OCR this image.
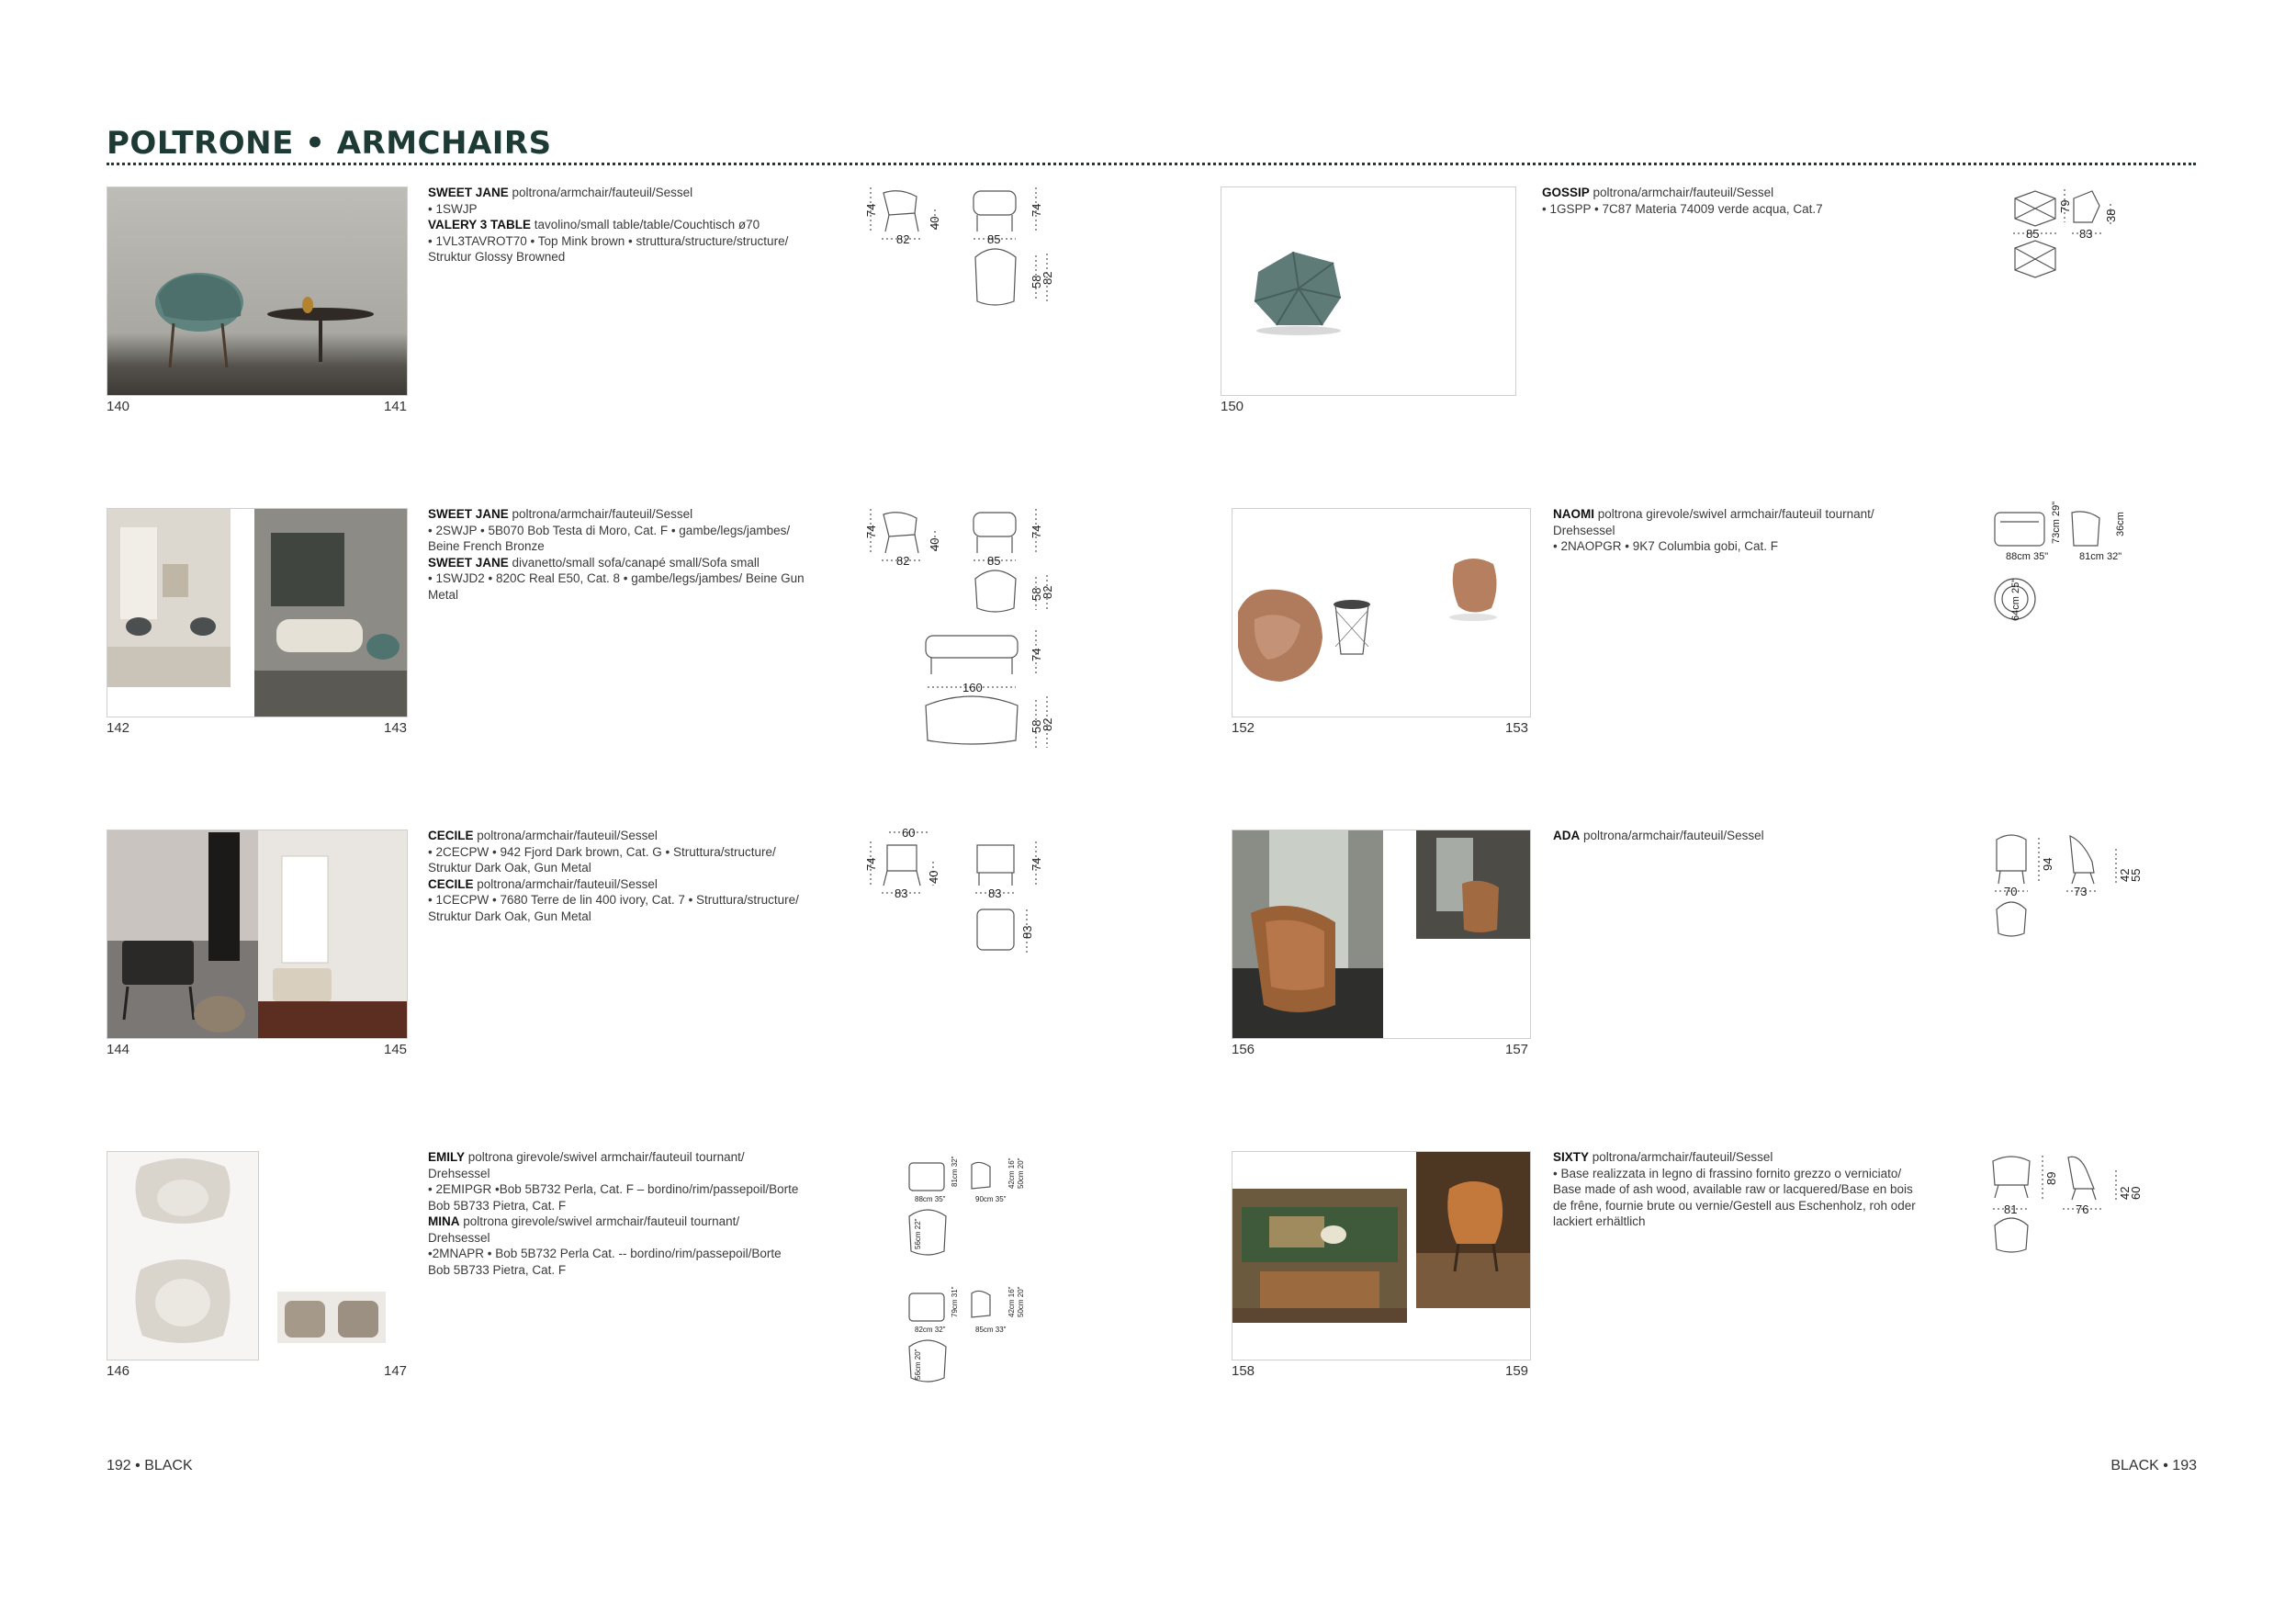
POLTRONE • ARMCHAIRS
140	141
SWEET JANE poltrona/armchair/fauteuil/Sessel
• 1SWJP
VALERY 3 TABLE tavolino/small table/table/Couchtisch ø70
• 1VL3TAVROT70 • Top Mink brown • struttura/structure/structure/
Struktur Glossy Browned
74
82
40
85
74
58
82
142	143
SWEET JANE poltrona/armchair/fauteuil/Sessel
• 2SWJP • 5B070 Bob Testa di Moro, Cat. F • gambe/legs/jambes/
Beine French Bronze
SWEET JANE divanetto/small sofa/canapé small/Sofa small
• 1SWJD2 • 820C Real E50, Cat. 8 • gambe/legs/jambes/ Beine Gun
Metal
74
82
40
85
74
58
82
74
160
58
82
144	145
CECILE poltrona/armchair/fauteuil/Sessel
• 2CECPW • 942 Fjord Dark brown, Cat. G • Struttura/structure/
Struktur Dark Oak, Gun Metal
CECILE poltrona/armchair/fauteuil/Sessel
• 1CECPW • 7680 Terre de lin 400 ivory, Cat. 7 • Struttura/structure/
Struktur Dark Oak, Gun Metal
60
74
83
40
83
74
83
146	147
EMILY poltrona girevole/swivel armchair/fauteuil tournant/
Drehsessel
• 2EMIPGR •Bob 5B732 Perla, Cat. F – bordino/rim/passepoil/Borte
Bob 5B733 Pietra, Cat. F
MINA poltrona girevole/swivel armchair/fauteuil tournant/
Drehsessel
•2MNAPR • Bob 5B732 Perla Cat. -- bordino/rim/passepoil/Borte
Bob 5B733 Pietra, Cat. F
88cm 35"
81cm 32"
90cm 35"
42cm 16" 50cm 20"
56cm 22"
82cm 32"
79cm 31"
85cm 33"
42cm 16" 50cm 20"
56cm 20"
150
GOSSIP poltrona/armchair/fauteuil/Sessel
• 1GSPP • 7C87 Materia 74009 verde acqua, Cat.7
85
79
83
38
152	153
NAOMI poltrona girevole/swivel armchair/fauteuil tournant/
Drehsessel
• 2NAOPGR • 9K7 Columbia gobi, Cat. F
88cm 35"
73cm 29"
81cm 32"
36cm
64cm 25"
156	157
ADA poltrona/armchair/fauteuil/Sessel
70
94
73
42
55
158	159
SIXTY poltrona/armchair/fauteuil/Sessel
• Base realizzata in legno di frassino fornito grezzo o verniciato/
Base made of ash wood, available raw or lacquered/Base en bois
de frêne, fournie brute ou vernie/Gestell aus Eschenholz, roh oder
lackiert erhältlich
81
89
76
42
60
192 • BLACK	BLACK • 193
